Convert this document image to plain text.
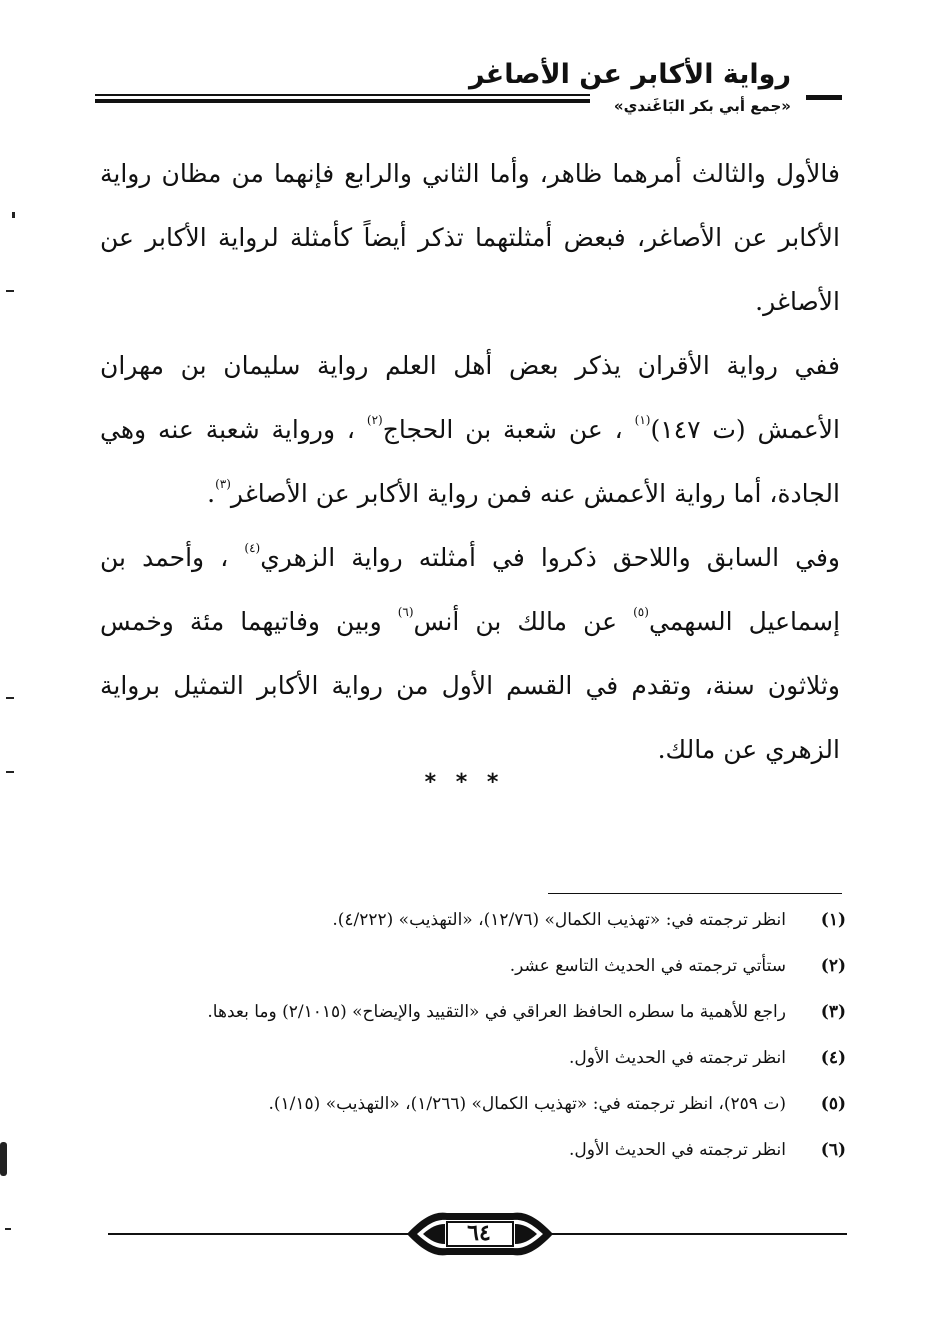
رواية الأكابر عن الأصاغر
«جمع أبي بكر البَاغَندي»

فالأول والثالث أمرهما ظاهر، وأما الثاني والرابع فإنهما من مظان رواية الأكابر عن الأصاغر، فبعض أمثلتهما تذكر أيضاً كأمثلة لرواية الأكابر عن الأصاغر.

ففي رواية الأقران يذكر بعض أهل العلم رواية سليمان بن مهران الأعمش (ت ١٤٧)$^{(١)}$ ، عن شعبة بن الحجاج$^{(٢)}$ ، ورواية شعبة عنه وهي الجادة، أما رواية الأعمش عنه فمن رواية الأكابر عن الأصاغر$^{(٣)}$.

وفي السابق واللاحق ذكروا في أمثلته رواية الزهري$^{(٤)}$ ، وأحمد بن إسماعيل السهمي$^{(٥)}$ عن مالك بن أنس$^{(٦)}$ وبين وفاتيهما مئة وخمس وثلاثون سنة، وتقدم في القسم الأول من رواية الأكابر التمثيل برواية الزهري عن مالك.

* * *
(١)
انظر ترجمته في: «تهذيب الكمال» (١٢/٧٦)، «التهذيب» (٤/٢٢٢).
(٢)
ستأتي ترجمته في الحديث التاسع عشر.
(٣)
راجع للأهمية ما سطره الحافظ العراقي في «التقييد والإيضاح» (٢/١٠١٥) وما بعدها.
(٤)
انظر ترجمته في الحديث الأول.
(٥)
(ت ٢٥٩)، انظر ترجمته في: «تهذيب الكمال» (١/٢٦٦)، «التهذيب» (١/١٥).
(٦)
انظر ترجمته في الحديث الأول.
٦٤
